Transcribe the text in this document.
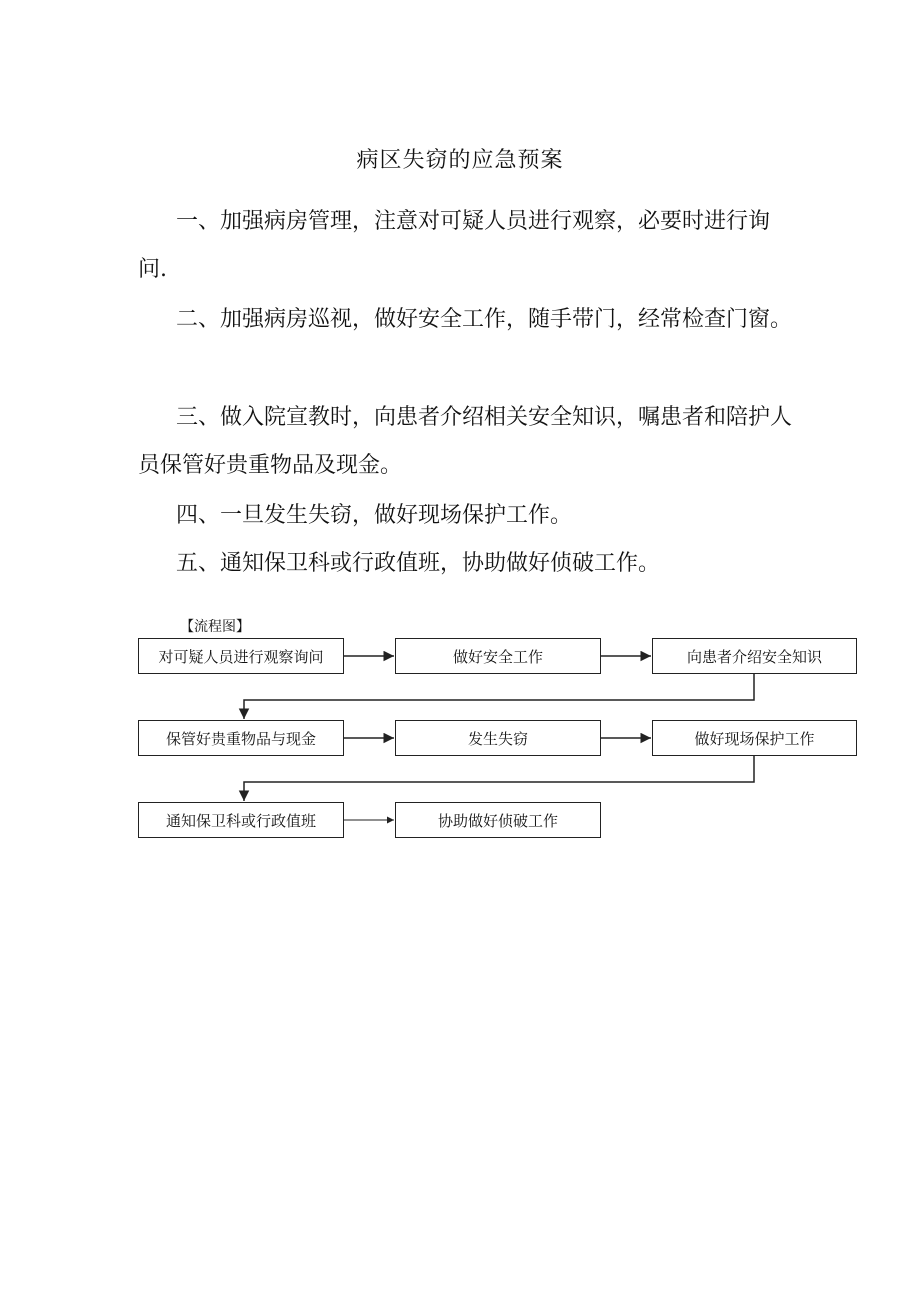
病区失窃的应急预案
一、加强病房管理，注意对可疑人员进行观察，必要时进行询问.
二、加强病房巡视，做好安全工作，随手带门，经常检查门窗。
三、做入院宣教时，向患者介绍相关安全知识，嘱患者和陪护人员保管好贵重物品及现金。
四、一旦发生失窃，做好现场保护工作。
五、通知保卫科或行政值班，协助做好侦破工作。
【流程图】
对可疑人员进行观察询问	做好安全工作	向患者介绍安全知识
保管好贵重物品与现金	发生失窃	做好现场保护工作
通知保卫科或行政值班	协助做好侦破工作
